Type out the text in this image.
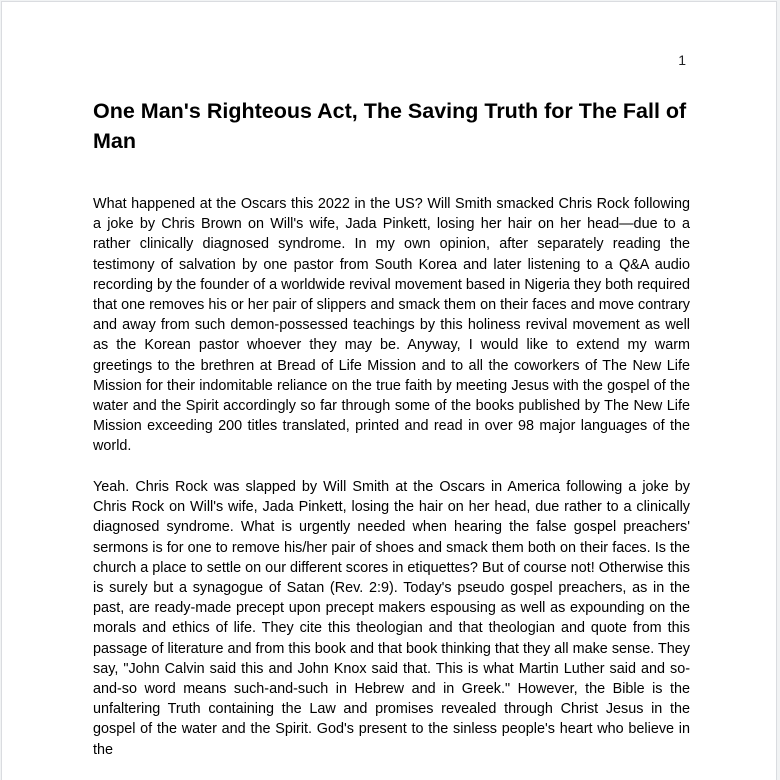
1
One Man's Righteous Act, The Saving Truth for The Fall of Man

What happened at the Oscars this 2022 in the US? Will Smith smacked Chris Rock following a joke by Chris Brown on Will's wife, Jada Pinkett, losing her hair on her head—due to a rather clinically diagnosed syndrome. In my own opinion, after separately reading the testimony of salvation by one pastor from South Korea and later listening to a Q&A audio recording by the founder of a worldwide revival movement based in Nigeria they both required that one removes his or her pair of slippers and smack them on their faces and move contrary and away from such demon-possessed teachings by this holiness revival movement as well as the Korean pastor whoever they may be. Anyway, I would like to extend my warm greetings to the brethren at Bread of Life Mission and to all the coworkers of The New Life Mission for their indomitable reliance on the true faith by meeting Jesus with the gospel of the water and the Spirit accordingly so far through some of the books published by The New Life Mission exceeding 200 titles translated, printed and read in over 98 major languages of the world.

Yeah. Chris Rock was slapped by Will Smith at the Oscars in America following a joke by Chris Rock on Will's wife, Jada Pinkett, losing the hair on her head, due rather to a clinically diagnosed syndrome. What is urgently needed when hearing the false gospel preachers' sermons is for one to remove his/her pair of shoes and smack them both on their faces. Is the church a place to settle on our different scores in etiquettes? But of course not! Otherwise this is surely but a synagogue of Satan (Rev. 2:9). Today's pseudo gospel preachers, as in the past, are ready-made precept upon precept makers espousing as well as expounding on the morals and ethics of life. They cite this theologian and that theologian and quote from this passage of literature and from this book and that book thinking that they all make sense. They say, "John Calvin said this and John Knox said that. This is what Martin Luther said and so-and-so word means such-and-such in Hebrew and in Greek." However, the Bible is the unfaltering Truth containing the Law and promises revealed through Christ Jesus in the gospel of the water and the Spirit. God's present to the sinless people's heart who believe in the
